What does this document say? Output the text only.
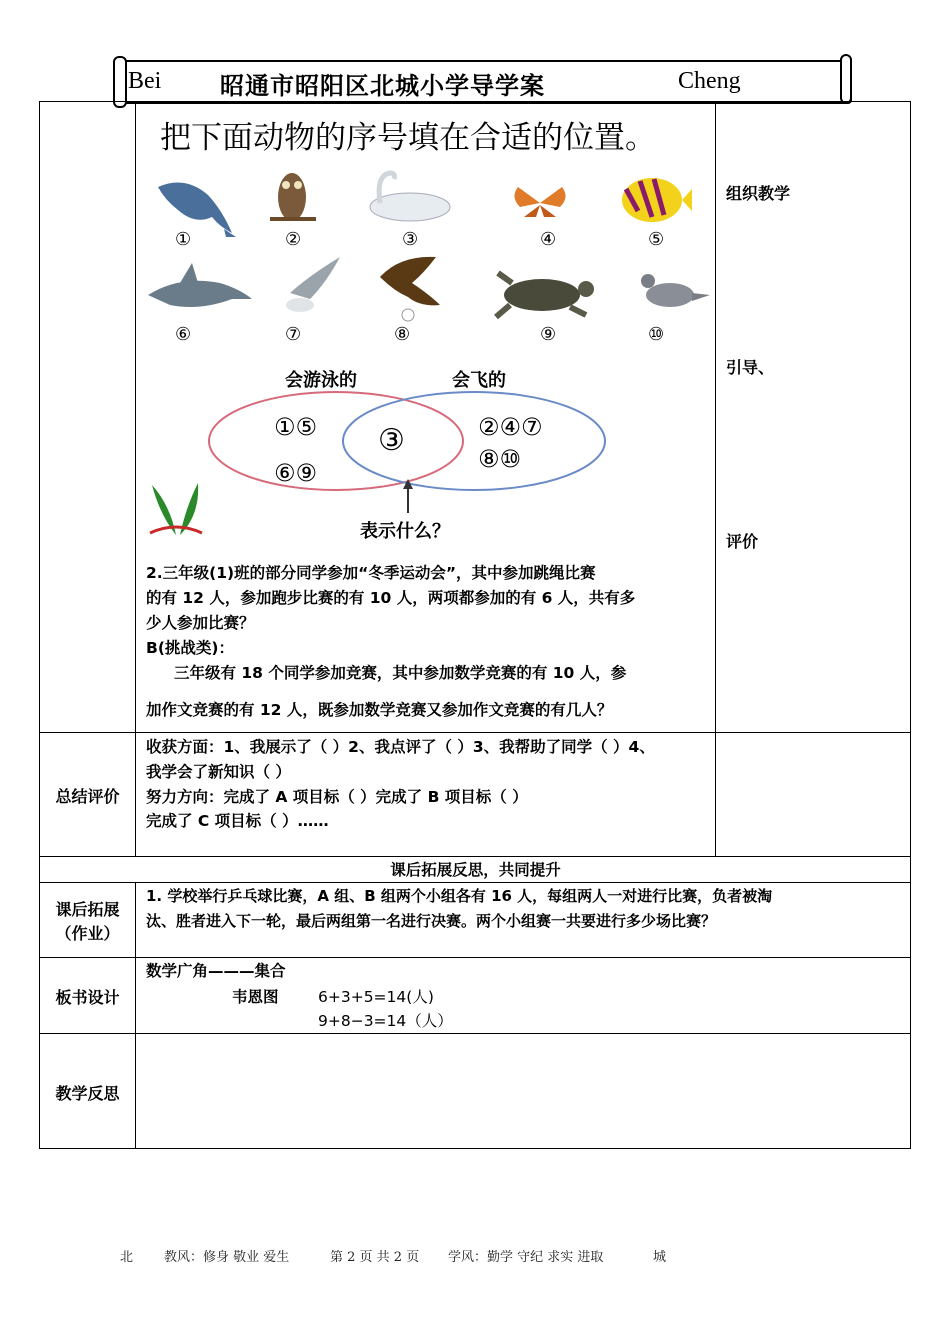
Bei 昭通市昭阳区北城小学导学案	Cheng
把下面动物的序号填在合适的位置。
①	②	③	④	⑤
⑥	⑦	⑧	⑨	⑩
会游泳的	会飞的
①⑤
⑥⑨
③	②④⑦
⑧⑩
表示什么？
组织教学
引导、
评价
2.三年级(1)班的部分同学参加“冬季运动会”，其中参加跳绳比赛
的有 12 人，参加跑步比赛的有 10 人，两项都参加的有 6 人，共有多
少人参加比赛？
B(挑战类)：
三年级有 18 个同学参加竞赛，其中参加数学竞赛的有 10 人，参
加作文竞赛的有 12 人，既参加数学竞赛又参加作文竞赛的有几人？
总结评价
收获方面：1、我展示了（ ）2、我点评了（ ）3、我帮助了同学（ ）4、
我学会了新知识（ ）
努力方向：完成了 A 项目标（ ）完成了 B 项目标（ ）
完成了 C 项目标（ ）……
课后拓展反思，共同提升
课后拓展
（作业）
1. 学校举行乒乓球比赛，A 组、B 组两个小组各有 16 人，每组两人一对进行比赛，负者被淘
汰、胜者进入下一轮，最后两组第一名进行决赛。两个小组赛一共要进行多少场比赛？
板书设计
数学广角———集合
韦恩图	6+3+5=14(人)
9+8−3=14（人）
教学反思
北 教风：修身 敬业 爱生	第 2 页 共 2 页 学风：勤学 守纪 求实 进取	城
